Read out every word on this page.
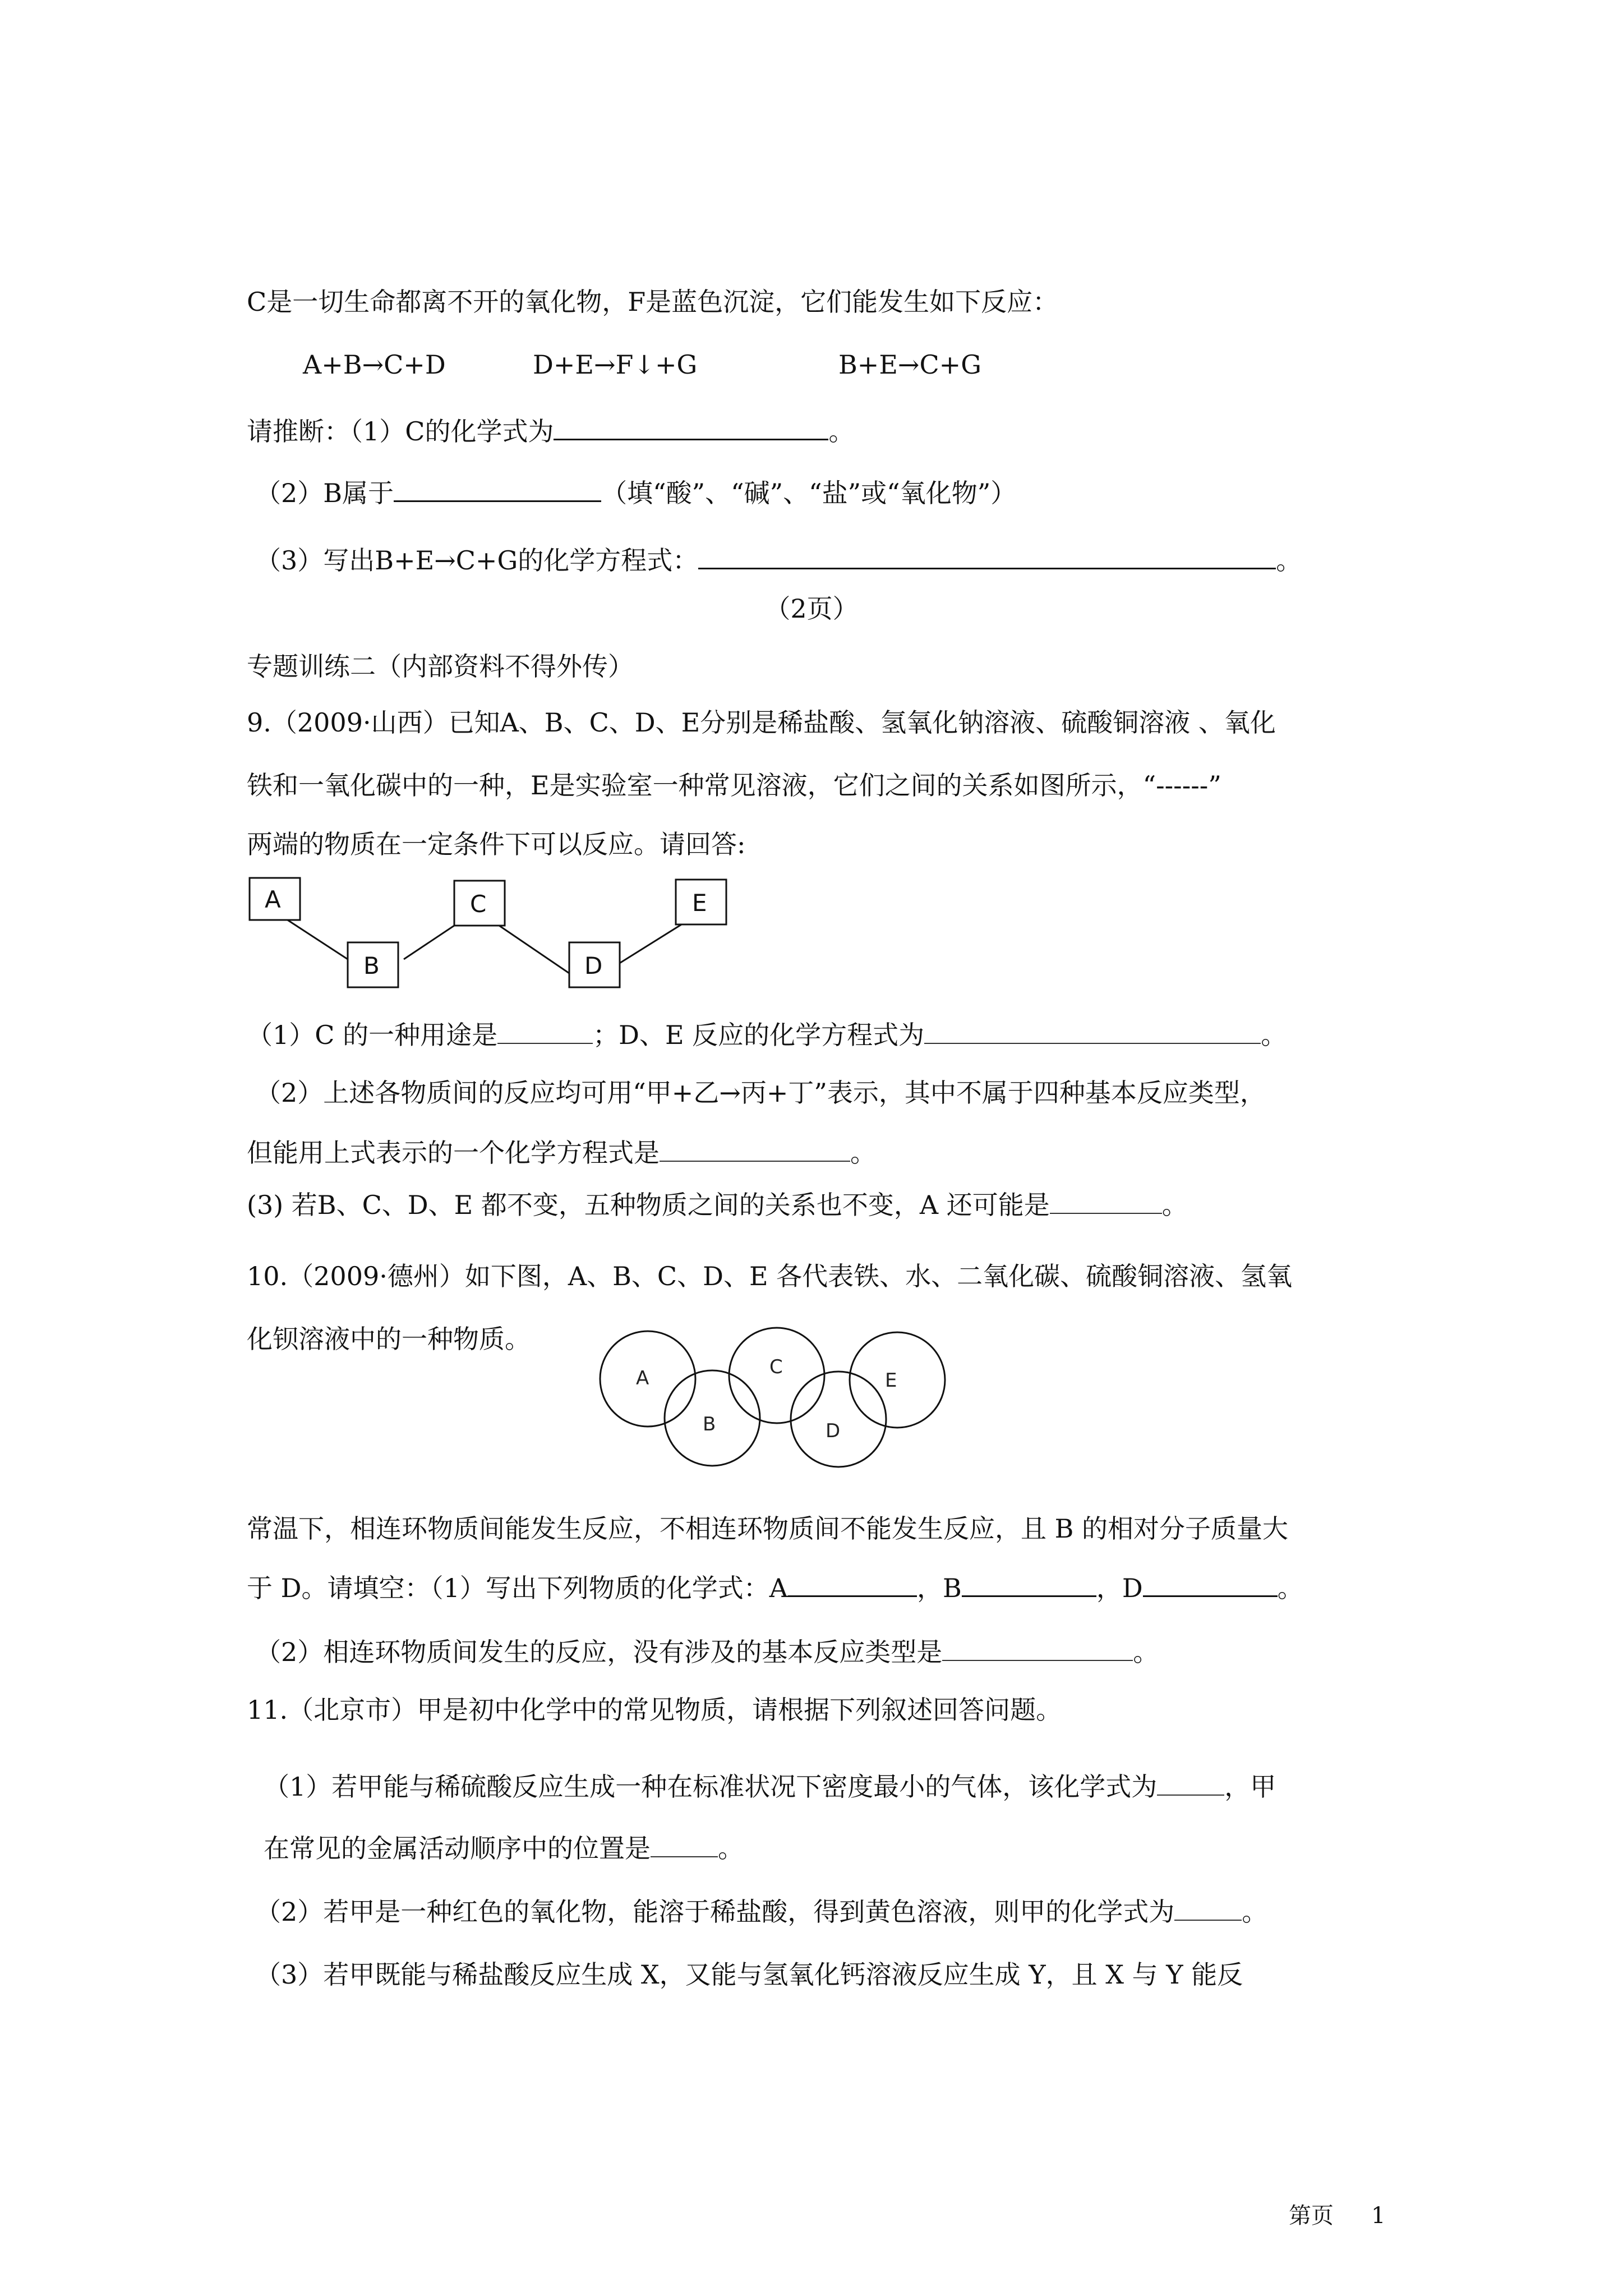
C是一切生命都离不开的氧化物，F是蓝色沉淀，它们能发生如下反应：
A+B→C+D	D+E→F↓+G	B+E→C+G
请推断：（1）C的化学式为	。
（2）B属于	（填“酸”、“碱”、“盐”或“氧化物”）
（3）写出B+E→C+G的化学方程式：	。
（2页）
专题训练二（内部资料不得外传）
9.（2009·山西）已知A、B、C、D、E分别是稀盐酸、氢氧化钠溶液、硫酸铜溶液 、氧化
铁和一氧化碳中的一种，E是实验室一种常见溶液，它们之间的关系如图所示，“------”
两端的物质在一定条件下可以反应。请回答:
A
B
C
D
E
（1）C 的一种用途是	；D、E 反应的化学方程式为	。
（2）上述各物质间的反应均可用“甲+乙→丙+丁”表示，其中不属于四种基本反应类型，
但能用上式表示的一个化学方程式是	。
(3) 若B、C、D、E 都不变，五种物质之间的关系也不变，A 还可能是	。
10.（2009·德州）如下图，A、B、C、D、E 各代表铁、水、二氧化碳、硫酸铜溶液、氢氧
化钡溶液中的一种物质。
A
B
C
D
E
常温下，相连环物质间能发生反应，不相连环物质间不能发生反应，且 B 的相对分子质量大
于 D。请填空：（1）写出下列物质的化学式：A	，B	，D	。
（2）相连环物质间发生的反应，没有涉及的基本反应类型是	。
11.（北京市）甲是初中化学中的常见物质，请根据下列叙述回答问题。
（1）若甲能与稀硫酸反应生成一种在标准状况下密度最小的气体，该化学式为	，甲
在常见的金属活动顺序中的位置是	。
（2）若甲是一种红色的氧化物，能溶于稀盐酸，得到黄色溶液，则甲的化学式为	。
（3）若甲既能与稀盐酸反应生成 X，又能与氢氧化钙溶液反应生成 Y，且 X 与 Y 能反
第页 1
